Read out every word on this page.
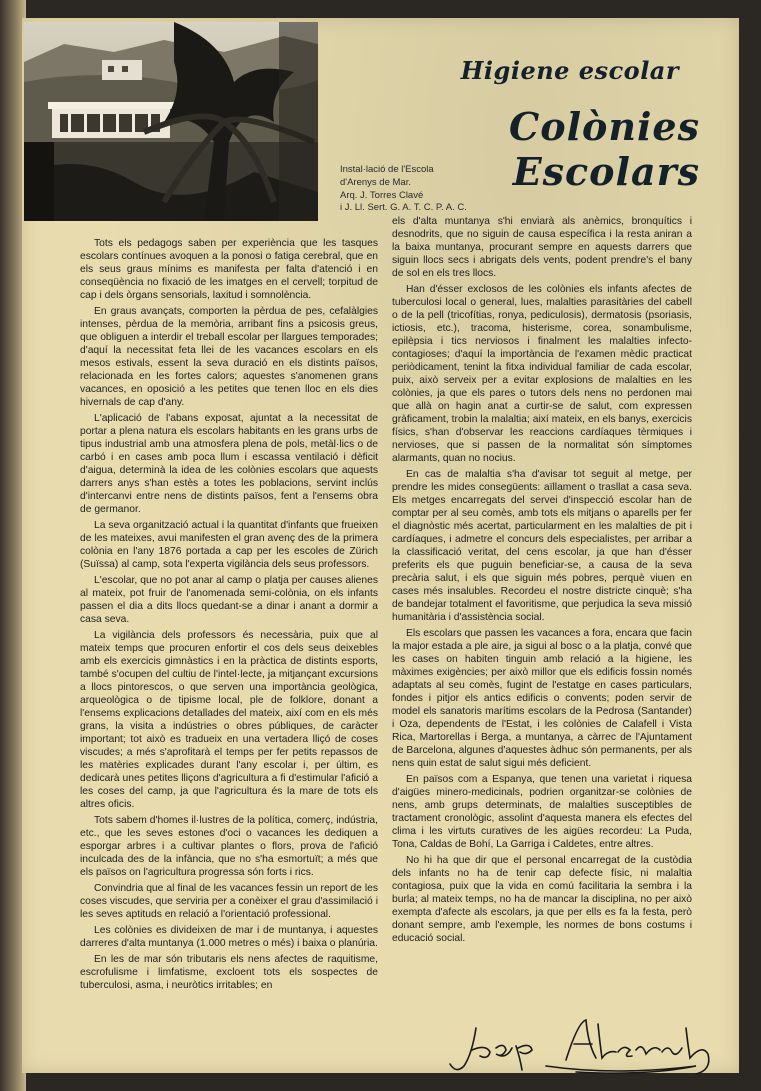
Higiene escolar
Colònies Escolars
Instal·lació de l'Escola
d'Arenys de Mar.
Arq. J. Torres Clavé
i J. Ll. Sert. G. A. T. C. P. A. C.

Tots els pedagogs saben per experiència que les tasques escolars contínues avoquen a la ponosi o fatiga cerebral, que en els seus graus mínims es manifesta per falta d'atenció i en conseqüència no fixació de les imatges en el cervell; torpitud de cap i dels òrgans sensorials, laxitud i somnolència.

En graus avançats, comporten la pèrdua de pes, cefalàlgies intenses, pèrdua de la memòria, arribant fins a psicosis greus, que obliguen a interdir el treball escolar per llargues temporades; d'aquí la necessitat feta llei de les vacances escolars en els mesos estivals, essent la seva duració en els distints països, relacionada en les fortes calors; aquestes s'anomenen grans vacances, en oposició a les petites que tenen lloc en els dies hivernals de cap d'any.

L'aplicació de l'abans exposat, ajuntat a la necessitat de portar a plena natura els escolars habitants en les grans urbs de tipus industrial amb una atmosfera plena de pols, metàl·lics o de carbó i en cases amb poca llum i escassa ventilació i dèficit d'aigua, determinà la idea de les colònies escolars que aquests darrers anys s'han estès a totes les poblacions, servint inclús d'intercanvi entre nens de distints països, fent a l'ensems obra de germanor.

La seva organització actual i la quantitat d'infants que frueixen de les mateixes, avui manifesten el gran avenç des de la primera colònia en l'any 1876 portada a cap per les escoles de Zürich (Suïssa) al camp, sota l'experta vigilància dels seus professors.

L'escolar, que no pot anar al camp o platja per causes alienes al mateix, pot fruir de l'anomenada semi-colònia, on els infants passen el dia a dits llocs quedant-se a dinar i anant a dormir a casa seva.

La vigilància dels professors és necessària, puix que al mateix temps que procuren enfortir el cos dels seus deixebles amb els exercicis gimnàstics i en la pràctica de distints esports, també s'ocupen del cultiu de l'intel·lecte, ja mitjançant excursions a llocs pintorescos, o que serven una importància geològica, arqueològica o de tipisme local, ple de folklore, donant a l'ensems explicacions detallades del mateix, així com en els més grans, la visita a indústries o obres públiques, de caràcter important; tot això es tradueix en una vertadera lliçó de coses viscudes; a més s'aprofitarà el temps per fer petits repassos de les matèries explicades durant l'any escolar i, per últim, es dedicarà unes petites lliçons d'agricultura a fi d'estimular l'afició a les coses del camp, ja que l'agricultura és la mare de tots els altres oficis.

Tots sabem d'homes il·lustres de la política, comerç, indústria, etc., que les seves estones d'oci o vacances les dediquen a esporgar arbres i a cultivar plantes o flors, prova de l'afició inculcada des de la infància, que no s'ha esmortuït; a més que els països on l'agricultura progressa són forts i rics.

Convindria que al final de les vacances fessin un report de les coses viscudes, que serviria per a conèixer el grau d'assimilació i les seves aptituds en relació a l'orientació professional.

Les colònies es divideixen de mar i de muntanya, i aquestes darreres d'alta muntanya (1.000 metres o més) i baixa o planúria.

En les de mar són tributaris els nens afectes de raquitisme, escrofulisme i limfatisme, excloent tots els sospectes de tuberculosi, asma, i neuròtics irritables; en

els d'alta muntanya s'hi enviarà als anèmics, bronquítics i desnodrits, que no siguin de causa específica i la resta aniran a la baixa muntanya, procurant sempre en aquests darrers que siguin llocs secs i abrigats dels vents, podent prendre's el bany de sol en els tres llocs.

Han d'ésser exclosos de les colònies els infants afectes de tuberculosi local o general, lues, malalties parasitàries del cabell o de la pell (tricofítias, ronya, pediculosis), dermatosis (psoriasis, ictiosis, etc.), tracoma, histerisme, corea, sonambulisme, epilèpsia i tics nerviosos i finalment les malalties infecto-contagioses; d'aquí la importància de l'examen mèdic practicat periòdicament, tenint la fitxa individual familiar de cada escolar, puix, això serveix per a evitar explosions de malalties en les colònies, ja que els pares o tutors dels nens no perdonen mai que allà on hagin anat a curtir-se de salut, com expressen gràficament, trobin la malaltia; així mateix, en els banys, exercicis físics, s'han d'observar les reaccions cardíaques tèrmiques i nervioses, que si passen de la normalitat són símptomes alarmants, quan no nocius.

En cas de malaltia s'ha d'avisar tot seguit al metge, per prendre les mides consegüents: aïllament o trasllat a casa seva. Els metges encarregats del servei d'inspecció escolar han de comptar per al seu comès, amb tots els mitjans o aparells per fer el diagnòstic més acertat, particularment en les malalties de pit i cardíaques, i admetre el concurs dels especialistes, per arribar a la classificació veritat, del cens escolar, ja que han d'ésser preferits els que puguin beneficiar-se, a causa de la seva precària salut, i els que siguin més pobres, perquè viuen en cases més insalubles. Recordeu el nostre districte cinquè; s'ha de bandejar totalment el favoritisme, que perjudica la seva missió humanitària i d'assistència social.

Els escolars que passen les vacances a fora, encara que facin la major estada a ple aire, ja sigui al bosc o a la platja, convé que les cases on habiten tinguin amb relació a la higiene, les màximes exigències; per això millor que els edificis fossin només adaptats al seu comès, fugint de l'estatge en cases particulars, fondes i pitjor els antics edificis o convents; poden servir de model els sanatoris marítims escolars de la Pedrosa (Santander) i Oza, dependents de l'Estat, i les colònies de Calafell i Vista Rica, Martorellas i Berga, a muntanya, a càrrec de l'Ajuntament de Barcelona, algunes d'aquestes àdhuc són permanents, per als nens quin estat de salut sigui més deficient.

En països com a Espanya, que tenen una varietat i riquesa d'aigües minero-medicinals, podrien organitzar-se colònies de nens, amb grups determinats, de malalties susceptibles de tractament cronològic, assolint d'aquesta manera els efectes del clima i les virtuts curatives de les aigües recordeu: La Puda, Tona, Caldas de Bohí, La Garriga i Caldetes, entre altres.

No hi ha que dir que el personal encarregat de la custòdia dels infants no ha de tenir cap defecte físic, ni malaltia contagiosa, puix que la vida en comú facilitaria la sembra i la burla; al mateix temps, no ha de mancar la disciplina, no per això exempta d'afecte als escolars, ja que per ells es fa la festa, però donant sempre, amb l'exemple, les normes de bons costums i educació social.
